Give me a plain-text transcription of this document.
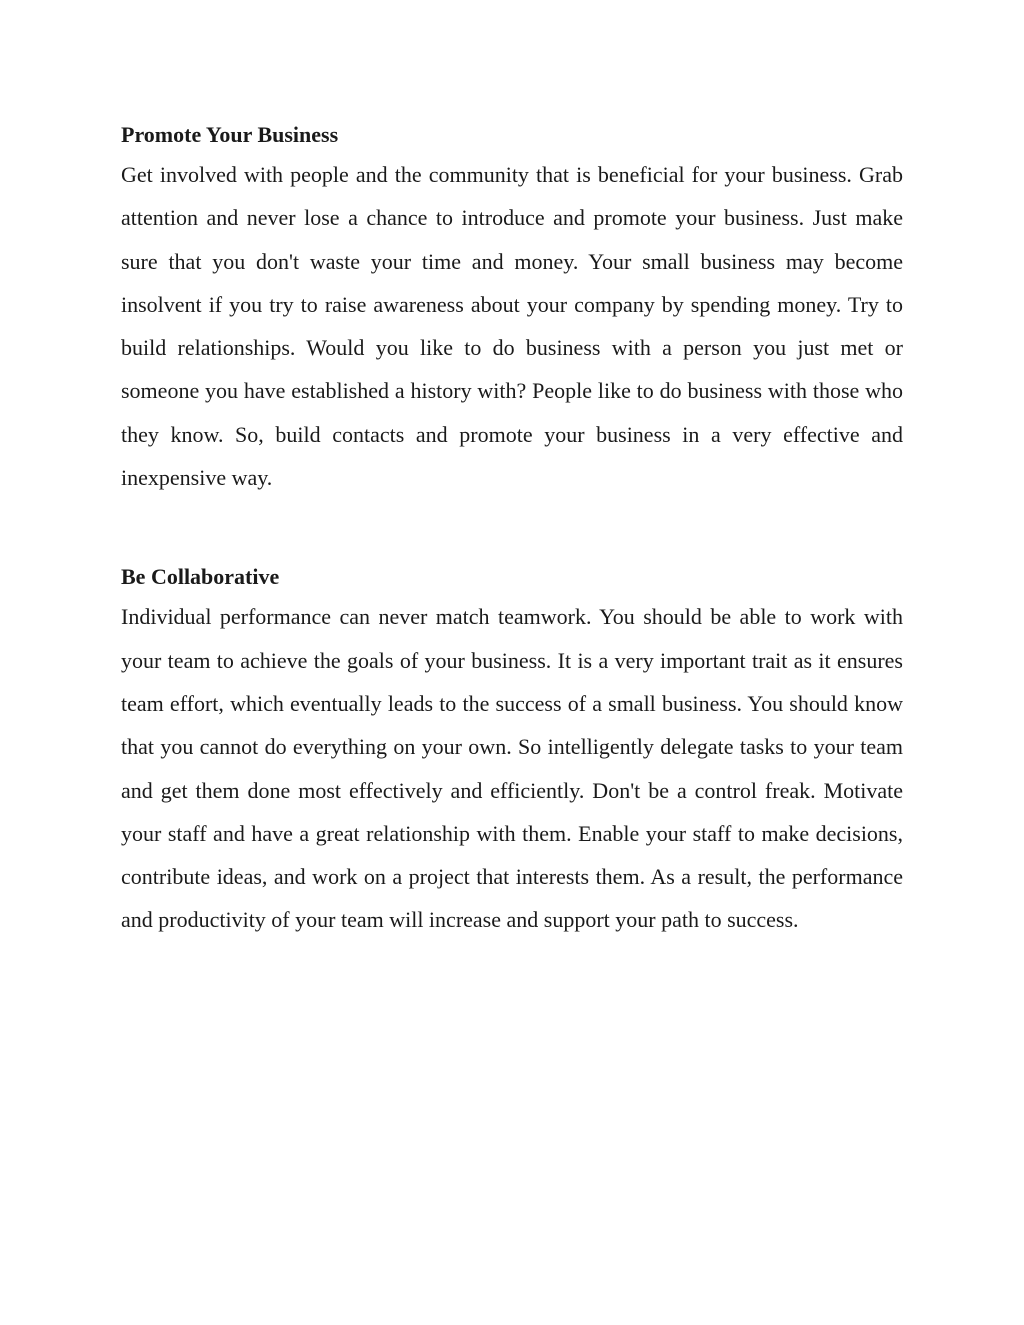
Promote Your Business

Get involved with people and the community that is beneficial for your business. Grab attention and never lose a chance to introduce and promote your business. Just make sure that you don't waste your time and money. Your small business may become insolvent if you try to raise awareness about your company by spending money. Try to build relationships. Would you like to do business with a person you just met or someone you have established a history with? People like to do business with those who they know. So, build contacts and promote your business in a very effective and inexpensive way.

Be Collaborative

Individual performance can never match teamwork. You should be able to work with your team to achieve the goals of your business. It is a very important trait as it ensures team effort, which eventually leads to the success of a small business. You should know that you cannot do everything on your own. So intelligently delegate tasks to your team and get them done most effectively and efficiently. Don't be a control freak. Motivate your staff and have a great relationship with them. Enable your staff to make decisions, contribute ideas, and work on a project that interests them. As a result, the performance and productivity of your team will increase and support your path to success.
